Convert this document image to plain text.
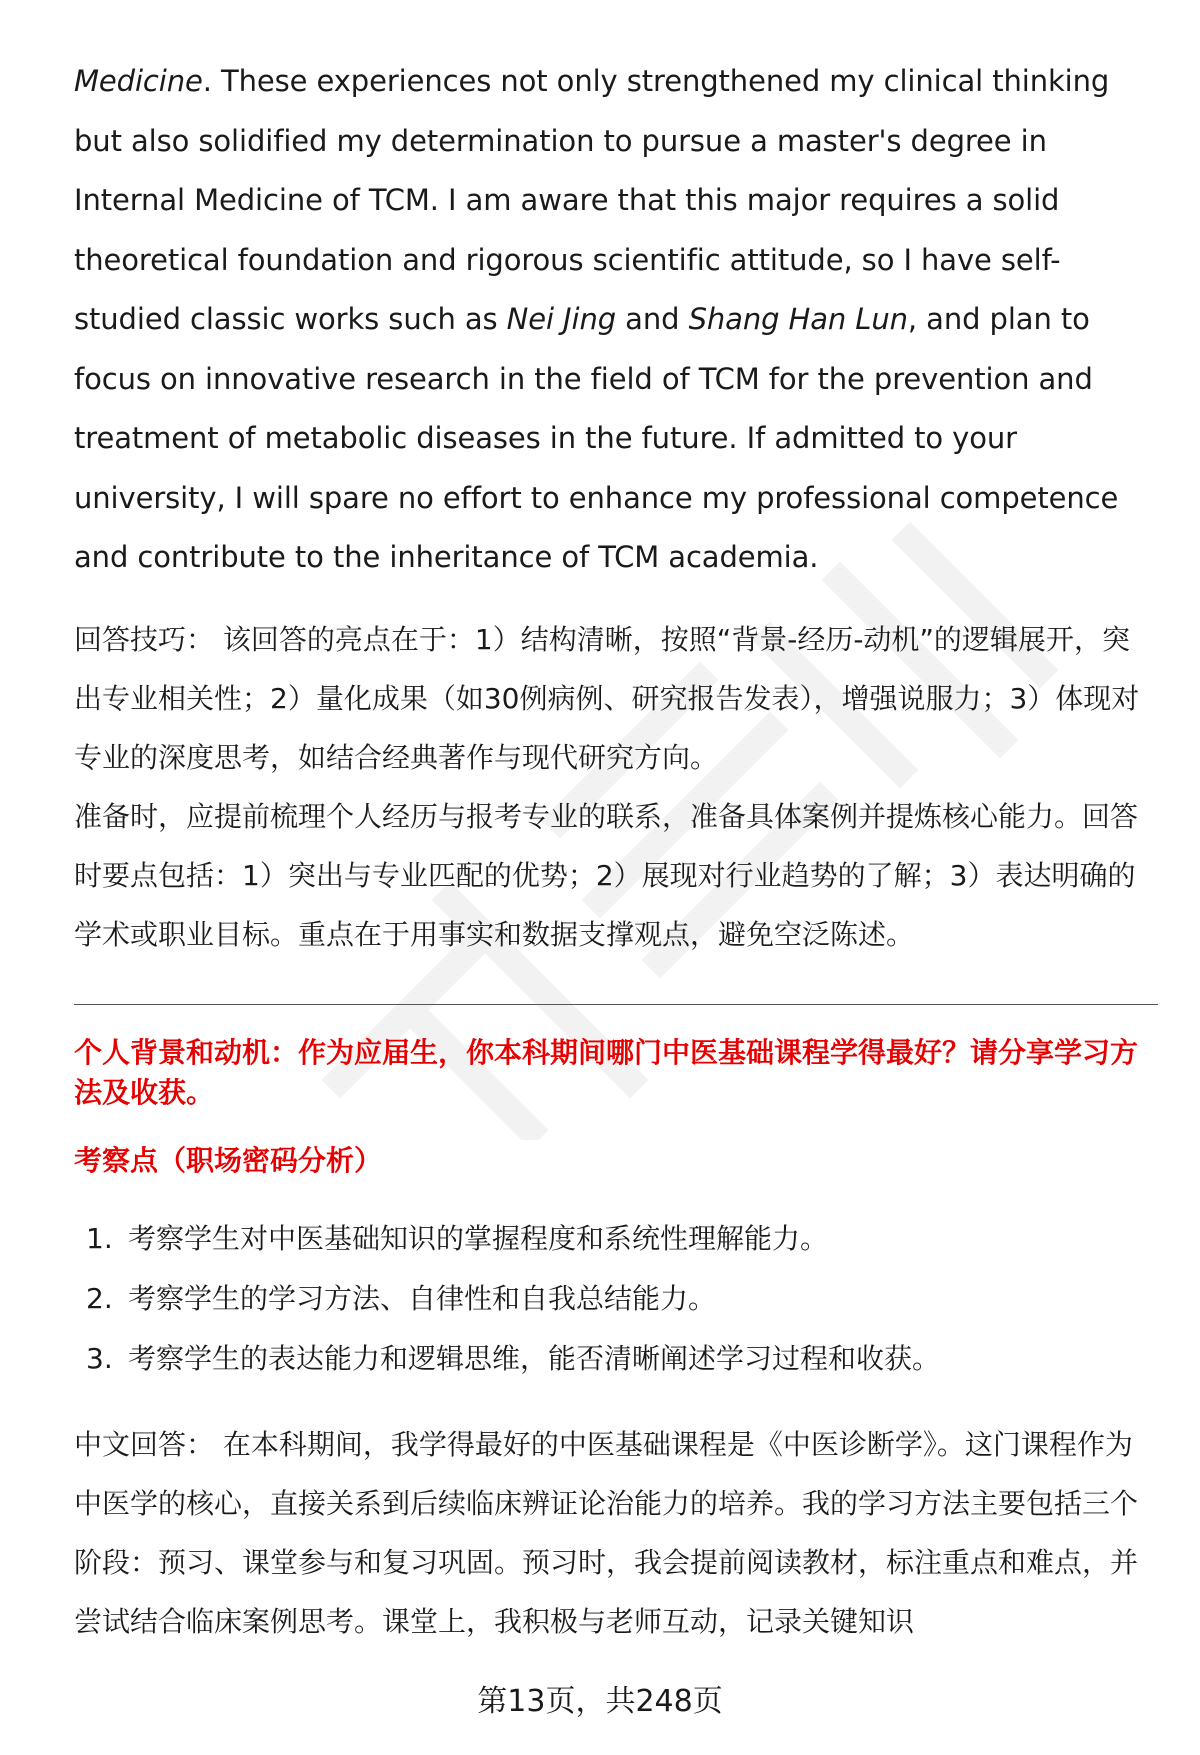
Medicine. These experiences not only strengthened my clinical thinking but also solidified my determination to pursue a master's degree in Internal Medicine of TCM. I am aware that this major requires a solid theoretical foundation and rigorous scientific attitude, so I have self-studied classic works such as Nei Jing and Shang Han Lun, and plan to focus on innovative research in the field of TCM for the prevention and treatment of metabolic diseases in the future. If admitted to your university, I will spare no effort to enhance my professional competence and contribute to the inheritance of TCM academia.

回答技巧： 该回答的亮点在于：1）结构清晰，按照“背景-经历-动机”的逻辑展开，突出专业相关性；2）量化成果（如30例病例、研究报告发表），增强说服力；3）体现对专业的深度思考，如结合经典著作与现代研究方向。

准备时，应提前梳理个人经历与报考专业的联系，准备具体案例并提炼核心能力。回答时要点包括：1）突出与专业匹配的优势；2）展现对行业趋势的了解；3）表达明确的学术或职业目标。重点在于用事实和数据支撑观点，避免空泛陈述。

个人背景和动机：作为应届生，你本科期间哪门中医基础课程学得最好？请分享学习方法及收获。

考察点（职场密码分析）

1. 考察学生对中医基础知识的掌握程度和系统性理解能力。
2. 考察学生的学习方法、自律性和自我总结能力。
3. 考察学生的表达能力和逻辑思维，能否清晰阐述学习过程和收获。

中文回答： 在本科期间，我学得最好的中医基础课程是《中医诊断学》。这门课程作为中医学的核心，直接关系到后续临床辨证论治能力的培养。我的学习方法主要包括三个阶段：预习、课堂参与和复习巩固。预习时，我会提前阅读教材，标注重点和难点，并尝试结合临床案例思考。课堂上，我积极与老师互动，记录关键知识

第13页，共248页
